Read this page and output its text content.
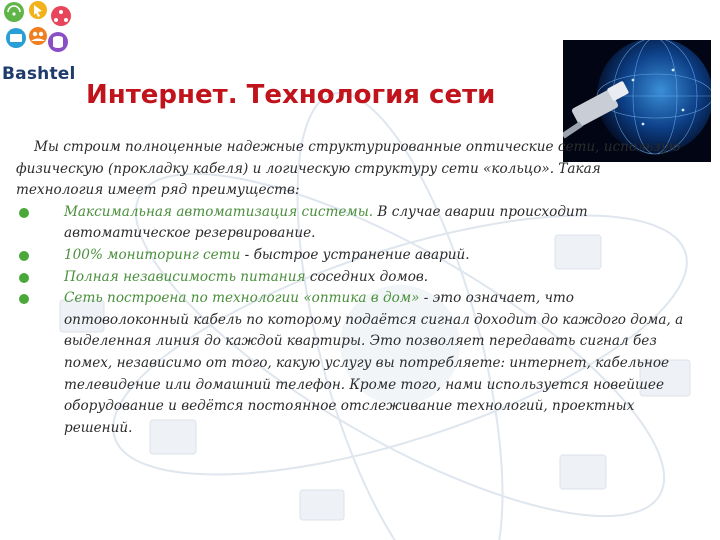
Bashtel
Интернет. Технология сети

Мы строим полноценные надежные структурированные оптические сети, использую физическую (прокладку кабеля) и логическую структуру сети «кольцо». Такая технология имеет ряд преимуществ:

Максимальная автоматизация системы. В случае аварии происходит автоматическое резервирование.
100% мониторинг сети - быстрое устранение аварий.
Полная независимость питания соседних домов.
Сеть построена по технологии «оптика в дом» - это означает, что оптоволоконный кабель по которому подаётся сигнал доходит до каждого дома, а выделенная линия до каждой квартиры. Это позволяет передавать сигнал без помех, независимо от того, какую услугу вы потребляете: интернет, кабельное телевидение или домашний телефон. Кроме того, нами используется новейшее оборудование и ведётся постоянное отслеживание технологий, проектных решений.
